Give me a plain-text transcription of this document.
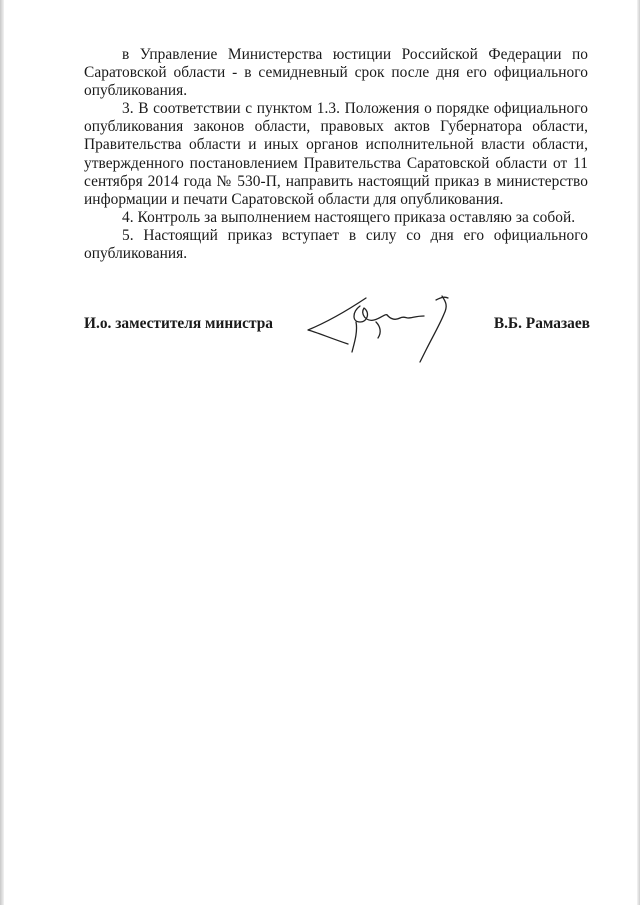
в Управление Министерства юстиции Российской Федерации по Саратовской области - в семидневный срок после дня его официального опубликования.

3. В соответствии с пунктом 1.3. Положения о порядке официального опубликования законов области, правовых актов Губернатора области, Правительства области и иных органов исполнительной власти области, утвержденного постановлением Правительства Саратовской области от 11 сентября 2014 года № 530-П, направить настоящий приказ в министерство информации и печати Саратовской области для опубликования.

4. Контроль за выполнением настоящего приказа оставляю за собой.

5. Настоящий приказ вступает в силу со дня его официального опубликования.

И.о. заместителя министра	В.Б. Рамазаев
